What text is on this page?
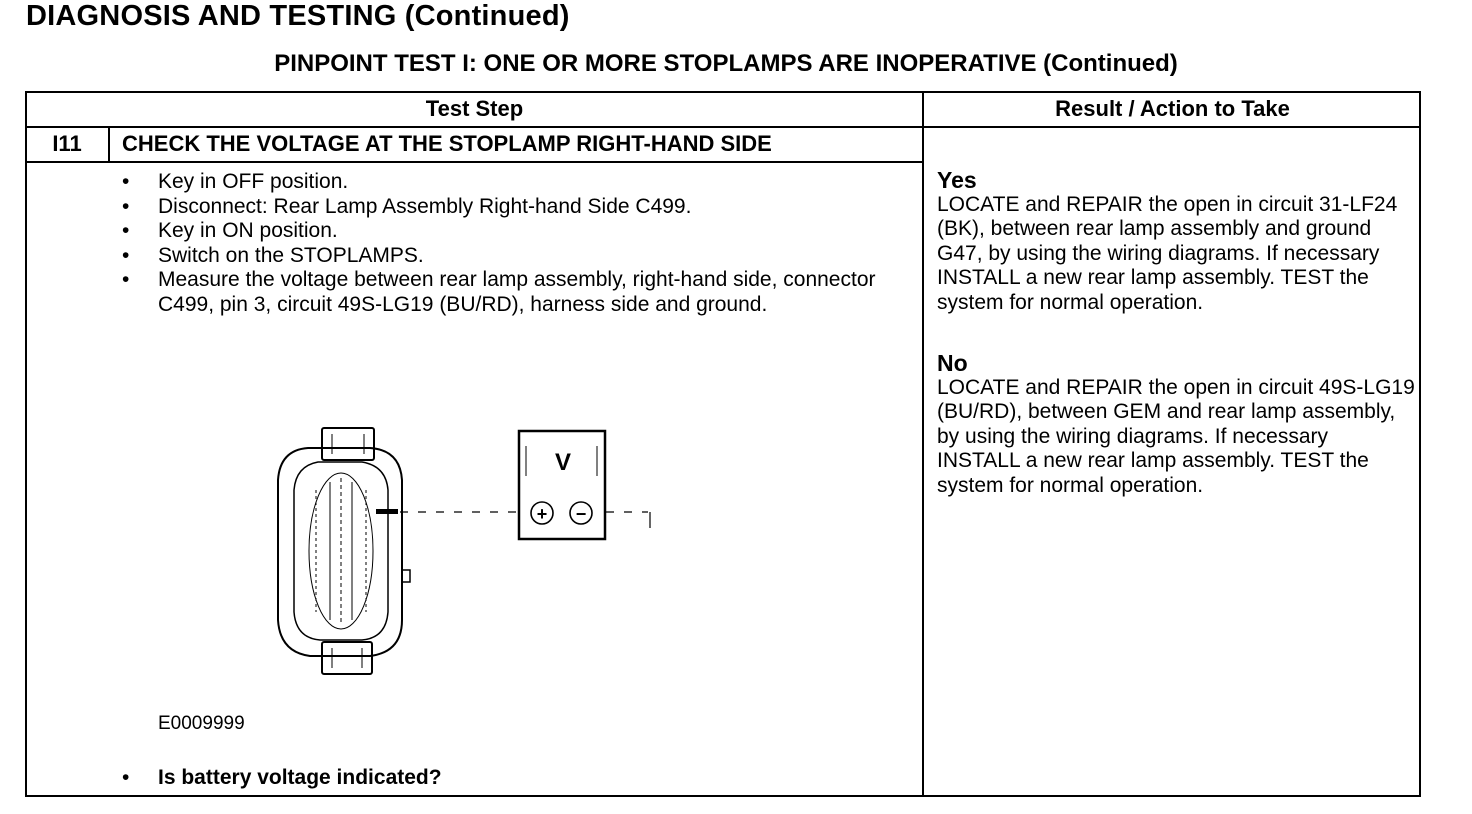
DIAGNOSIS AND TESTING (Continued)
PINPOINT TEST I: ONE OR MORE STOPLAMPS ARE INOPERATIVE (Continued)
Test Step	Result / Action to Take
I11	CHECK THE VOLTAGE AT THE STOPLAMP RIGHT-HAND SIDE
• Key in OFF position.
• Disconnect: Rear Lamp Assembly Right-hand Side C499.
• Key in ON position.
• Switch on the STOPLAMPS.
• Measure the voltage between rear lamp assembly, right-hand side, connector C499, pin 3, circuit 49S-LG19 (BU/RD), harness side and ground.
V
+ −
E0009999
• Is battery voltage indicated?
Yes
LOCATE and REPAIR the open in circuit 31-LF24 (BK), between rear lamp assembly and ground G47, by using the wiring diagrams. If necessary INSTALL a new rear lamp assembly. TEST the system for normal operation.
No
LOCATE and REPAIR the open in circuit 49S-LG19 (BU/RD), between GEM and rear lamp assembly, by using the wiring diagrams. If necessary INSTALL a new rear lamp assembly. TEST the system for normal operation.
